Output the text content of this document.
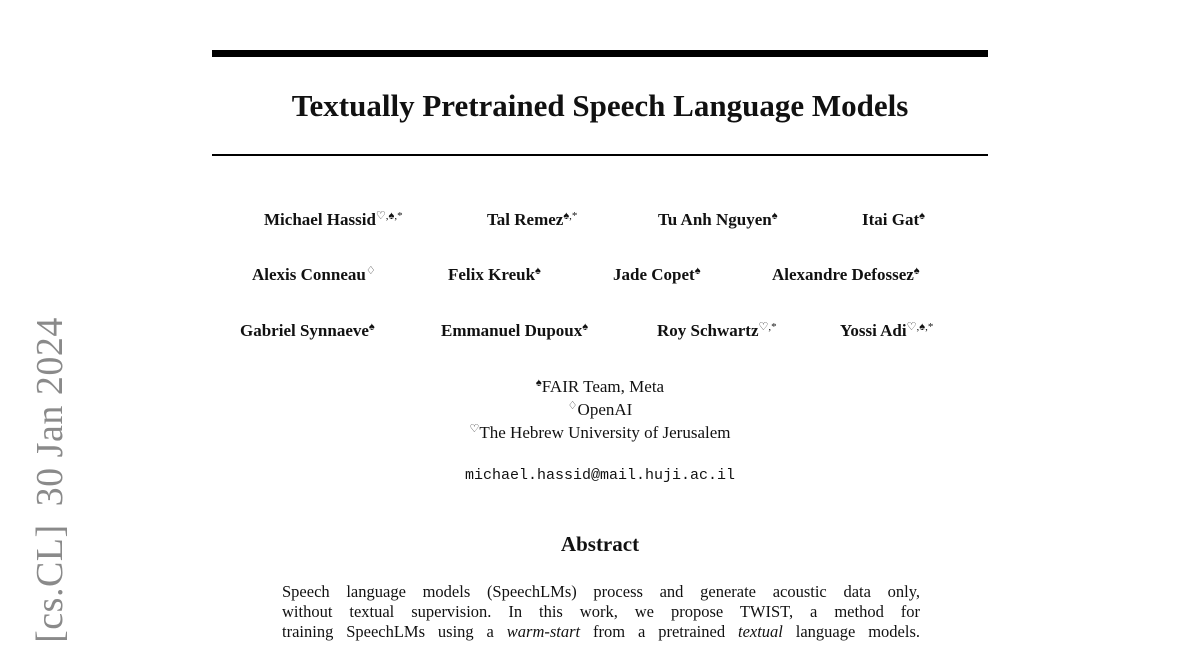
[cs.CL]30 Jan 2024
Textually Pretrained Speech Language Models
Michael Hassid♡,♠,*	Tal Remez♠,*	Tu Anh Nguyen♠	Itai Gat♠
Alexis Conneau♢	Felix Kreuk♠	Jade Copet♠	Alexandre Defossez♠
Gabriel Synnaeve♠	Emmanuel Dupoux♠	Roy Schwartz♡,*	Yossi Adi♡,♠,*
♠FAIR Team, Meta
♢OpenAI
♡The Hebrew University of Jerusalem
michael.hassid@mail.huji.ac.il
Abstract
Speech language models (SpeechLMs) process and generate acoustic data only,
without textual supervision. In this work, we propose TWIST, a method for
training SpeechLMs using a warm-start from a pretrained textual language models.
